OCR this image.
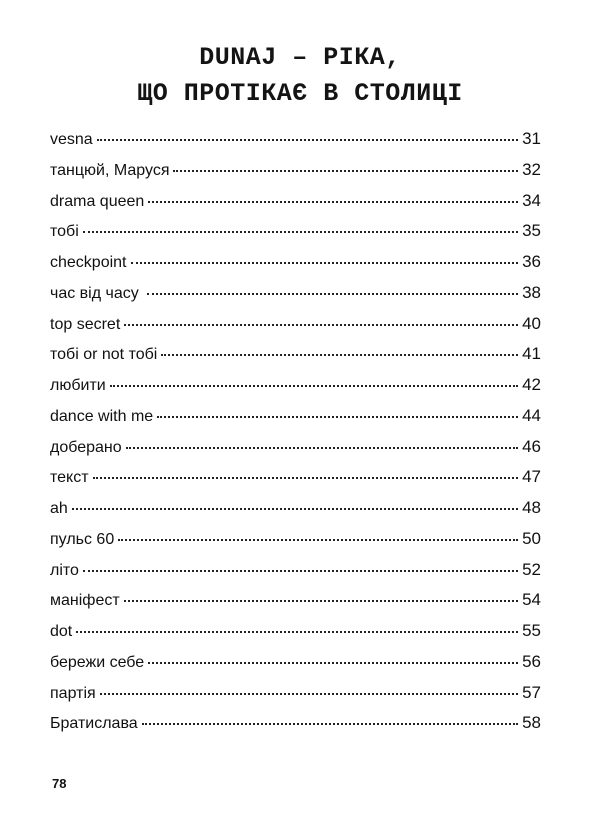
DUNAJ – РІКА,
ЩО ПРОТІКАЄ В СТОЛИЦІ
vesna	31
танцюй, Маруся	32
drama queen	34
тобі	35
checkpoint	36
час від часу	38
top secret	40
тобі or not тобі	41
любити	42
dance with me	44
доберано	46
текст	47
ah	48
пульс 60	50
літо	52
маніфест	54
dot	55
бережи себе	56
партія	57
Братислава	58
78
